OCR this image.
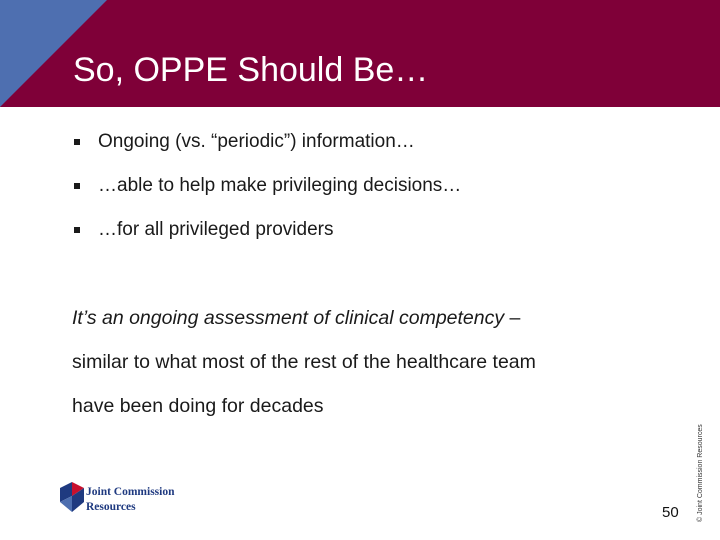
So, OPPE Should Be…
Ongoing (vs. “periodic”) information…
…able to help make privileging decisions…
…for all privileged providers

It’s an ongoing assessment of clinical competency –
similar to what most of the rest of the healthcare team
have been doing for decades

© Joint Commission Resources
50
Joint Commission
Resources
